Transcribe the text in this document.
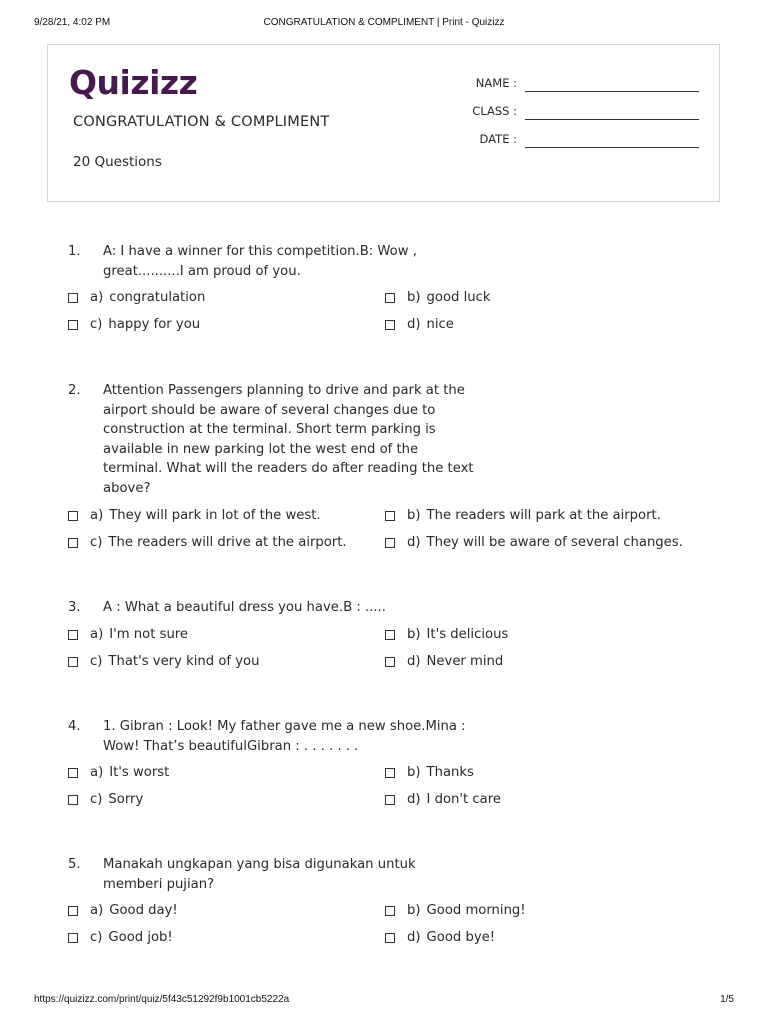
9/28/21, 4:02 PM	CONGRATULATION & COMPLIMENT | Print - Quizizz
Quizizz
CONGRATULATION & COMPLIMENT
20 Questions
NAME :
CLASS :
DATE :
1. A: I have a winner for this competition.B: Wow ,
great..........I am proud of you.
a) congratulation	b) good luck
c) happy for you	d) nice
2. Attention Passengers planning to drive and park at the
airport should be aware of several changes due to
construction at the terminal. Short term parking is
available in new parking lot the west end of the
terminal. What will the readers do after reading the text
above?
a) They will park in lot of the west.	b) The readers will park at the airport.
c) The readers will drive at the airport.	d) They will be aware of several changes.
3. A : What a beautiful dress you have.B : .....
a) I'm not sure	b) It's delicious
c) That's very kind of you	d) Never mind
4. 1. Gibran : Look! My father gave me a new shoe.Mina :
Wow! That’s beautifulGibran : . . . . . . .
a) It's worst	b) Thanks
c) Sorry	d) I don't care
5. Manakah ungkapan yang bisa digunakan untuk
memberi pujian?
a) Good day!	b) Good morning!
c) Good job!	d) Good bye!
https://quizizz.com/print/quiz/5f43c51292f9b1001cb5222a	1/5
